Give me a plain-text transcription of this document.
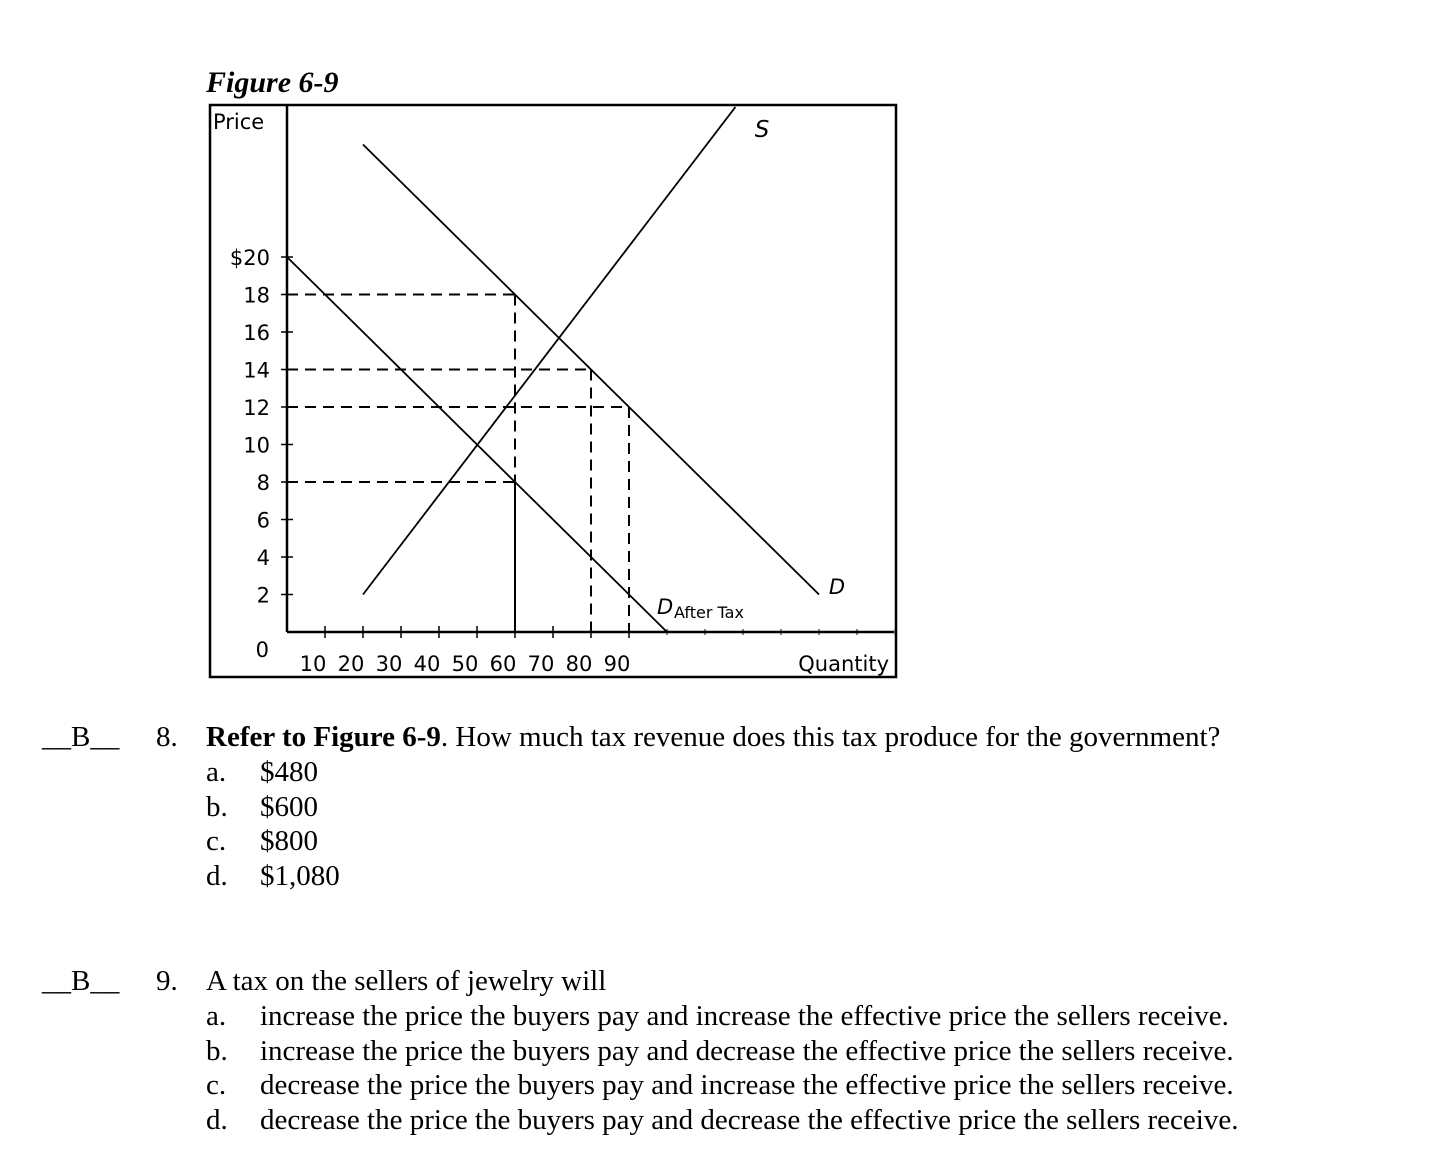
Figure 6-9
Price
Quantity
0
2
4
6
8
10
12
14
16
18
$20
10 20 30 40 50 60 70 80 90
S
D
D After Tax
__B__ 8. Refer to Figure 6-9. How much tax revenue does this tax produce for the government?
a. $480
b. $600
c. $800
d. $1,080
__B__ 9. A tax on the sellers of jewelry will
a. increase the price the buyers pay and increase the effective price the sellers receive.
b. increase the price the buyers pay and decrease the effective price the sellers receive.
c. decrease the price the buyers pay and increase the effective price the sellers receive.
d. decrease the price the buyers pay and decrease the effective price the sellers receive.
